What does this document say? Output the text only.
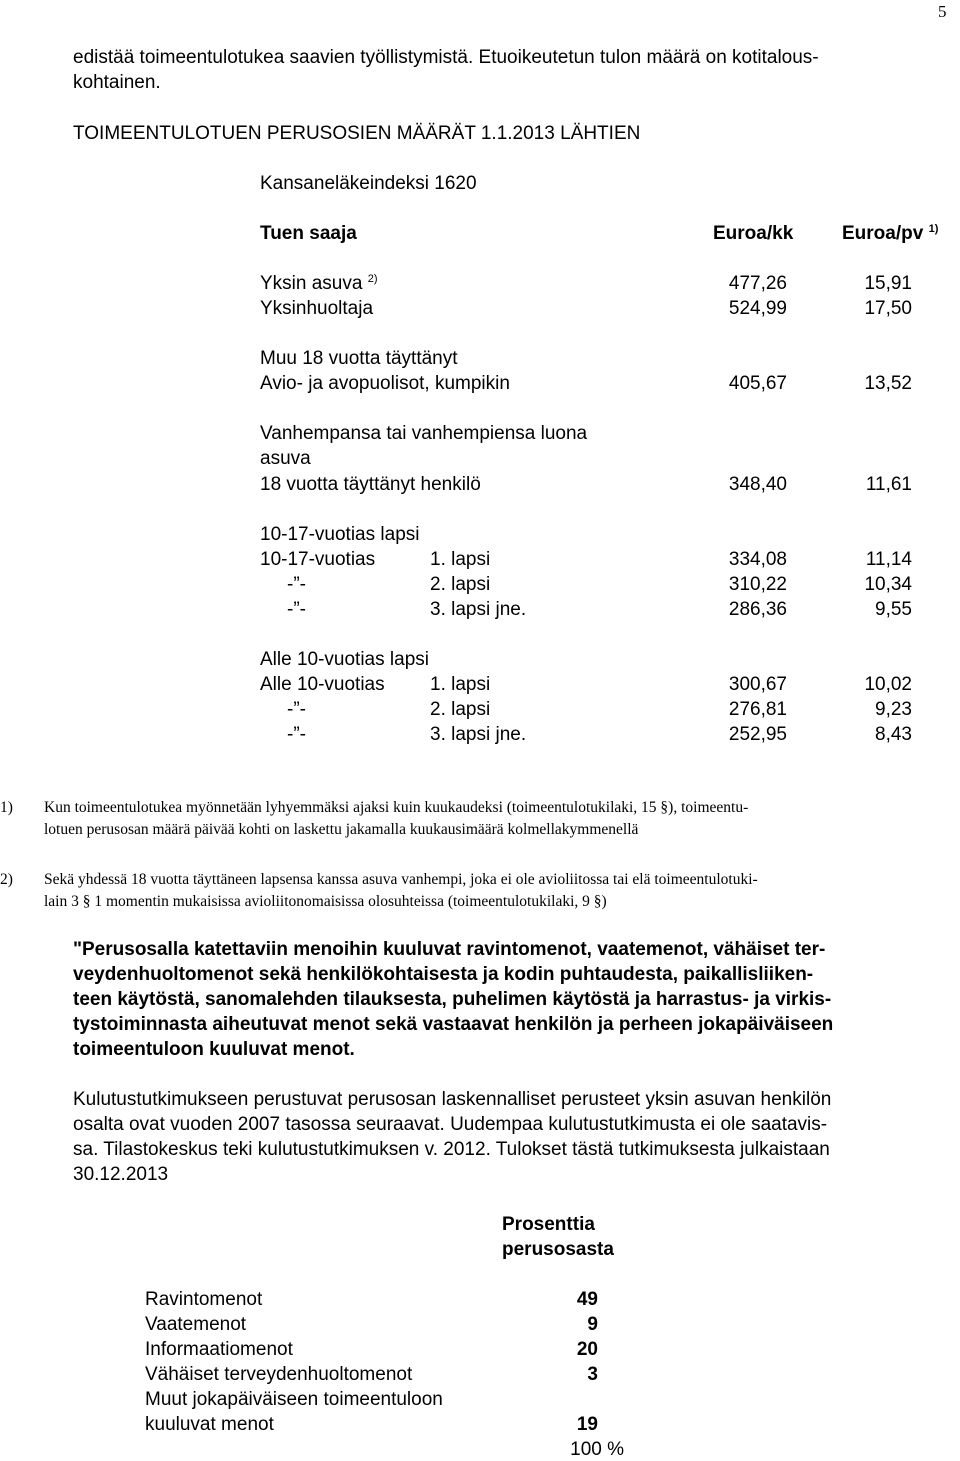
5
edistää toimeentulotukea saavien työllistymistä. Etuoikeutetun tulon määrä on kotitalous-
kohtainen.
TOIMEENTULOTUEN PERUSOSIEN MÄÄRÄT 1.1.2013 LÄHTIEN
Kansaneläkeindeksi 1620
Tuen saaja	Euroa/kk	Euroa/pv $^{1)}$
Yksin asuva $^{2)}$	477,26	15,91
Yksinhuoltaja	524,99	17,50
Muu 18 vuotta täyttänyt
Avio- ja avopuolisot, kumpikin	405,67	13,52
Vanhempansa tai vanhempiensa luona
asuva
18 vuotta täyttänyt henkilö	348,40	11,61
10-17-vuotias lapsi
10-17-vuotias	1. lapsi	334,08	11,14
-”-	2. lapsi	310,22	10,34
-”-	3. lapsi jne.	286,36	9,55
Alle 10-vuotias lapsi
Alle 10-vuotias 1. lapsi	300,67	10,02
-”-	2. lapsi	276,81	9,23
-”-	3. lapsi jne.	252,95	8,43
1) Kun toimeentulotukea myönnetään lyhyemmäksi ajaksi kuin kuukaudeksi (toimeentulotukilaki, 15 §), toimeentu-
lotuen perusosan määrä päivää kohti on laskettu jakamalla kuukausimäärä kolmellakymmenellä
2) Sekä yhdessä 18 vuotta täyttäneen lapsensa kanssa asuva vanhempi, joka ei ole avioliitossa tai elä toimeentulotuki-
lain 3 § 1 momentin mukaisissa avioliitonomaisissa olosuhteissa (toimeentulotukilaki, 9 §)
"Perusosalla katettaviin menoihin kuuluvat ravintomenot, vaatemenot, vähäiset ter-
veydenhuoltomenot sekä henkilökohtaisesta ja kodin puhtaudesta, paikallisliiken-
teen käytöstä, sanomalehden tilauksesta, puhelimen käytöstä ja harrastus- ja virkis-
tystoiminnasta aiheutuvat menot sekä vastaavat henkilön ja perheen jokapäiväiseen
toimeentuloon kuuluvat menot.
Kulutustutkimukseen perustuvat perusosan laskennalliset perusteet yksin asuvan henkilön
osalta ovat vuoden 2007 tasossa seuraavat. Uudempaa kulutustutkimusta ei ole saatavis-
sa. Tilastokeskus teki kulutustutkimuksen v. 2012. Tulokset tästä tutkimuksesta julkaistaan
30.12.2013
Prosenttia
perusosasta
Ravintomenot	49
Vaatemenot	9
Informaatiomenot	20
Vähäiset terveydenhuoltomenot	3
Muut jokapäiväiseen toimeentuloon
kuuluvat menot	19
100 %
